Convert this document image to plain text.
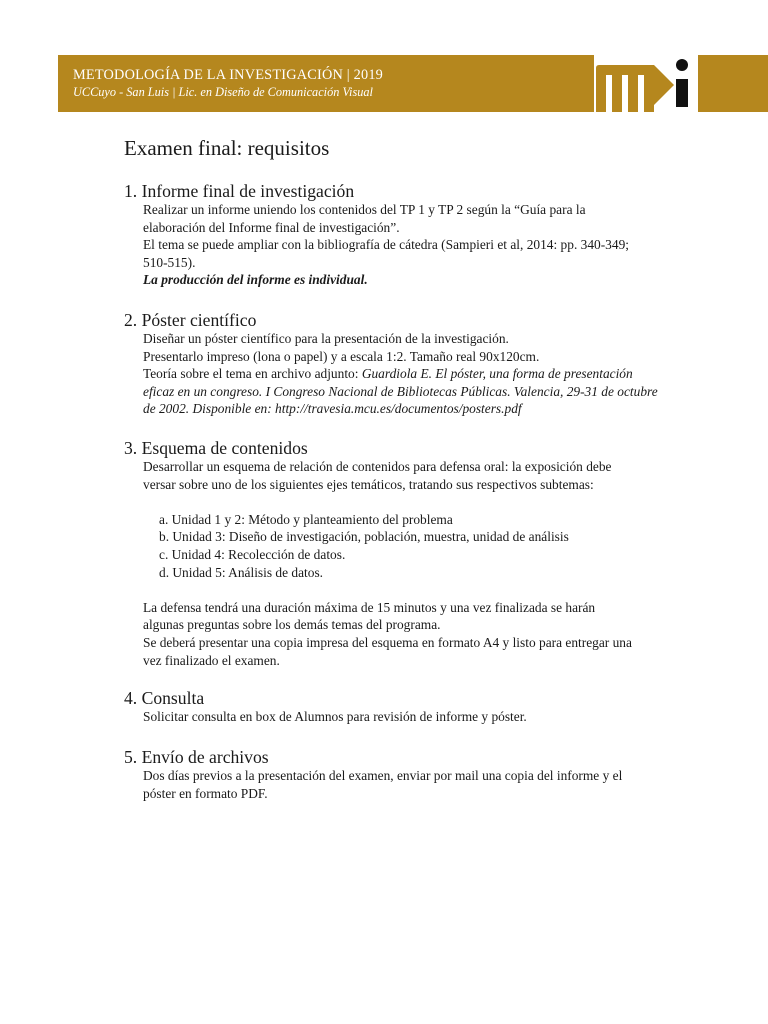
METODOLOGÍA DE LA INVESTIGACIÓN | 2019
UCCuyo - San Luis | Lic. en Diseño de Comunicación Visual
Examen final: requisitos
1. Informe final de investigación

Realizar un informe uniendo los contenidos del TP 1 y TP 2 según la “Guía para la

elaboración del Informe final de investigación”.

El tema se puede ampliar con la bibliografía de cátedra (Sampieri et al, 2014: pp. 340-349;

510-515).

La producción del informe es individual.

2. Póster científico

Diseñar un póster científico para la presentación de la investigación.

Presentarlo impreso (lona o papel) y a escala 1:2. Tamaño real 90x120cm.

Teoría sobre el tema en archivo adjunto: Guardiola E. El póster, una forma de presentación

eficaz en un congreso. I Congreso Nacional de Bibliotecas Públicas. Valencia, 29-31 de octubre

de 2002. Disponible en: http://travesia.mcu.es/documentos/posters.pdf

3. Esquema de contenidos

Desarrollar un esquema de relación de contenidos para defensa oral: la exposición debe

versar sobre uno de los siguientes ejes temáticos, tratando sus respectivos subtemas:

a. Unidad 1 y 2: Método y planteamiento del problema
b. Unidad 3: Diseño de investigación, población, muestra, unidad de análisis
c. Unidad 4: Recolección de datos.
d. Unidad 5: Análisis de datos.

La defensa tendrá una duración máxima de 15 minutos y una vez finalizada se harán

algunas preguntas sobre los demás temas del programa.

Se deberá presentar una copia impresa del esquema en formato A4 y listo para entregar una

vez finalizado el examen.

4. Consulta

Solicitar consulta en box de Alumnos para revisión de informe y póster.

5. Envío de archivos

Dos días previos a la presentación del examen, enviar por mail una copia del informe y el

póster en formato PDF.
